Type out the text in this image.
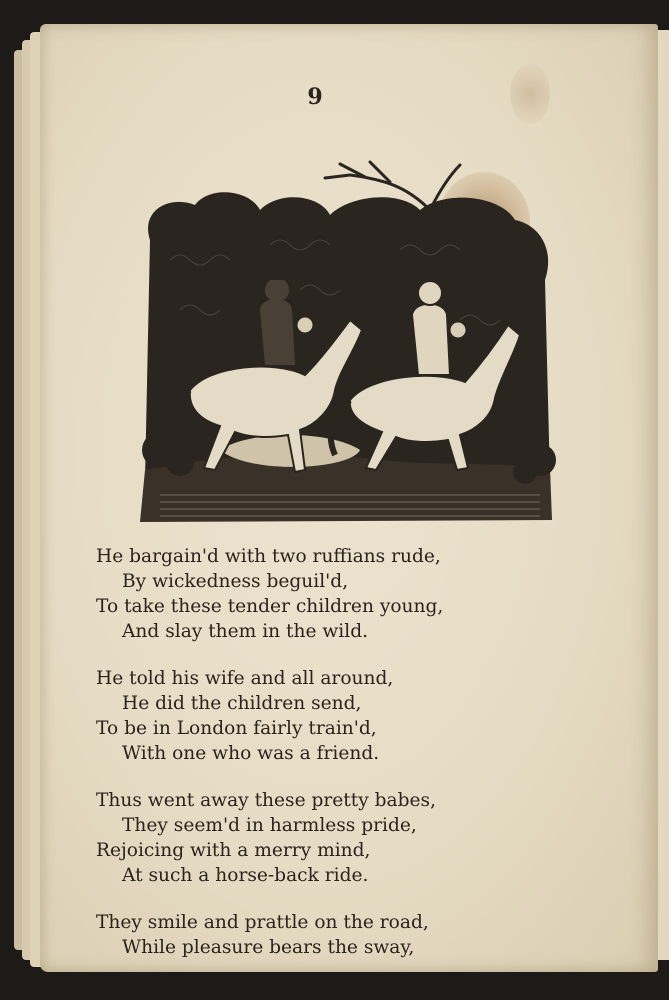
9
He bargain'd with two ruffians rude,
By wickedness beguil'd,
To take these tender children young,
And slay them in the wild.
He told his wife and all around,
He did the children send,
To be in London fairly train'd,
With one who was a friend.
Thus went away these pretty babes,
They seem'd in harmless pride,
Rejoicing with a merry mind,
At such a horse-back ride.
They smile and prattle on the road,
While pleasure bears the sway,
